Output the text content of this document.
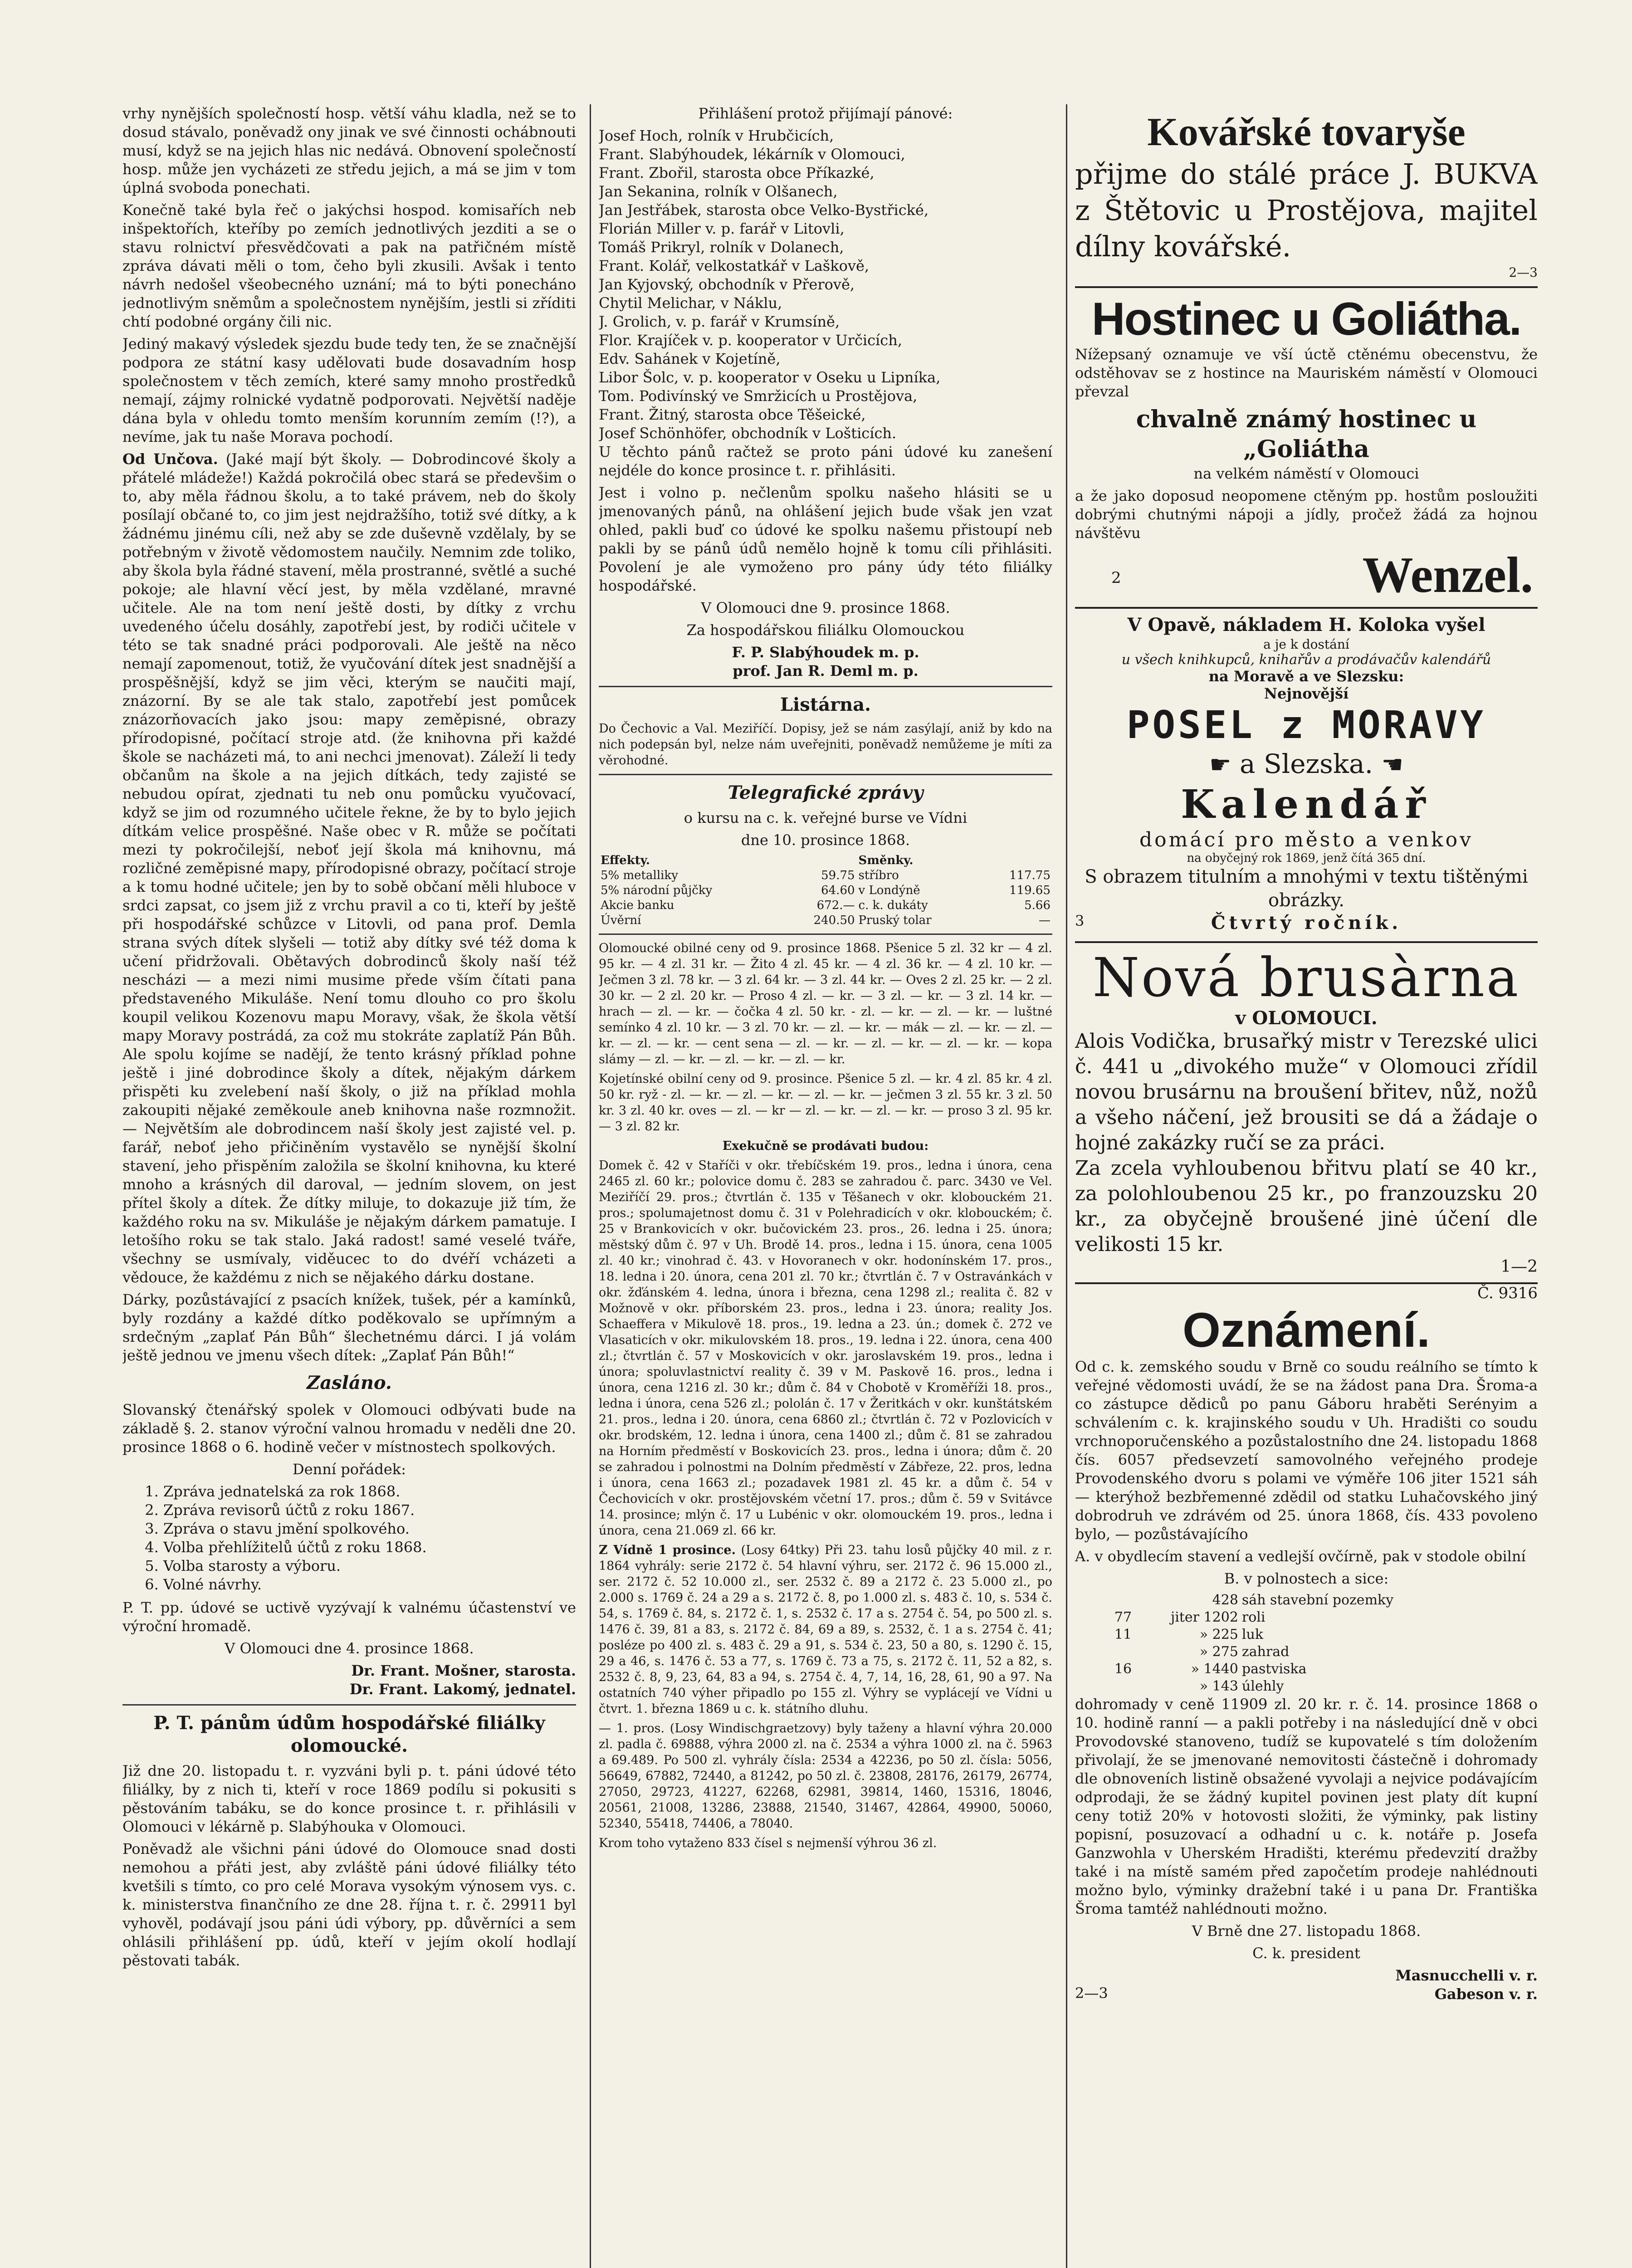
vrhy nynějších společností hosp. větší váhu kladla, než se to dosud stávalo, poněvadž ony jinak ve své činnosti ochábnouti musí, když se na jejich hlas nic nedává. Obnovení společností hosp. může jen vycházeti ze středu jejich, a má se jim v tom úplná svoboda ponechati.

Konečně také byla řeč o jakýchsi hospod. komisařích neb inšpektořích, kteříby po zemích jednotlivých jezditi a se o stavu rolnictví přesvědčovati a pak na patřičném místě zpráva dávati měli o tom, čeho byli zkusili. Avšak i tento návrh nedošel všeobecného uznání; má to býti ponecháno jednotlivým sněmům a společnostem nynějším, jestli si zříditi chtí podobné orgány čili nic.

Jediný makavý výsledek sjezdu bude tedy ten, že se značnější podpora ze státní kasy udělovati bude dosavadním hosp společnostem v těch zemích, které samy mnoho prostředků nemají, zájmy rolnické vydatně podporovati. Největší naděje dána byla v ohledu tomto menším korunním zemím (!?), a nevíme, jak tu naše Morava pochodí.

Od Unčova. (Jaké mají být školy. — Dobrodincové školy a přátelé mládeže!) Každá pokročilá obec stará se předevšim o to, aby měla řádnou školu, a to také právem, neb do školy posílají občané to, co jim jest nejdražšího, totiž své dítky, a k žádnému jinému cíli, než aby se zde duševně vzdělaly, by se potřebným v životě vědomostem naučily. Nemnim zde toliko, aby škola byla řádné stavení, měla prostranné, světlé a suché pokoje; ale hlavní věcí jest, by měla vzdělané, mravné učitele. Ale na tom není ještě dosti, by dítky z vrchu uvedeného účelu dosáhly, zapotřebí jest, by rodiči učitele v této se tak snadné práci podporovali. Ale ještě na něco nemají zapomenout, totiž, že vyučování dítek jest snadnější a prospěšnější, když se jim věci, kterým se naučiti mají, znázorní. By se ale tak stalo, zapotřebí jest pomůcek znázorňovacích jako jsou: mapy zeměpisné, obrazy přírodopisné, počítací stroje atd. (že knihovna při každé škole se nacházeti má, to ani nechci jmenovat). Záleží li tedy občanům na škole a na jejich dítkách, tedy zajisté se nebudou opírat, zjednati tu neb onu pomůcku vyučovací, když se jim od rozumného učitele řekne, že by to bylo jejich dítkám velice prospěšné. Naše obec v R. může se počítati mezi ty pokročilejší, neboť její škola má knihovnu, má rozličné zeměpisné mapy, přírodopisné obrazy, počítací stroje a k tomu hodné učitele; jen by to sobě občaní měli hluboce v srdci zapsat, co jsem již z vrchu pravil a co ti, kteří by ještě při hospodářské schůzce v Litovli, od pana prof. Demla strana svých dítek slyšeli — totiž aby dítky své též doma k učení přidržovali. Obětavých dobrodinců školy naší též nescházi — a mezi nimi musime přede vším čítati pana představeného Mikuláše. Není tomu dlouho co pro školu koupil velikou Kozenovu mapu Moravy, však, že škola větší mapy Moravy postrádá, za což mu stokráte zaplatíž Pán Bůh. Ale spolu kojíme se nadějí, že tento krásný příklad pohne ještě i jiné dobrodince školy a dítek, nějakým dárkem přispěti ku zvelebení naší školy, o již na příklad mohla zakoupiti nějaké zeměkoule aneb knihovna naše rozmnožit. — Největším ale dobrodincem naší školy jest zajisté vel. p. farář, neboť jeho přičiněním vystavělo se nynější školní stavení, jeho přispěním založila se školní knihovna, ku které mnoho a krásných dil daroval, — jedním slovem, on jest přítel školy a dítek. Že dítky miluje, to dokazuje již tím, že každého roku na sv. Mikuláše je nějakým dárkem pamatuje. I letošího roku se tak stalo. Jaká radost! samé veselé tváře, všechny se usmívaly, viděucec to do dvéří vcházeti a vědouce, že každému z nich se nějakého dárku dostane.

Dárky, pozůstávající z psacích knížek, tušek, pér a kamínků, byly rozdány a každé dítko poděkovalo se upřímným a srdečným „zaplať Pán Bůh“ šlechetnému dárci. I já volám ještě jednou ve jmenu všech dítek: „Zaplať Pán Bůh!“

Zasláno.

Slovanský čtenářský spolek v Olomouci odbývati bude na základě §. 2. stanov výroční valnou hromadu v neděli dne 20. prosince 1868 o 6. hodině večer v místnostech spolkových.

Denní pořádek:

1. Zpráva jednatelská za rok 1868.
2. Zpráva revisorů účtů z roku 1867.
3. Zpráva o stavu jmění spolkového.
4. Volba přehlížitelů účtů z roku 1868.
5. Volba starosty a výboru.
6. Volné návrhy.

P. T. pp. údové se uctivě vyzývají k valnému účastenství ve výroční hromadě.

V Olomouci dne 4. prosince 1868.

Dr. Frant. Mošner, starosta.
Dr. Frant. Lakomý, jednatel.
P. T. pánům údům hospodářské filiálky olomoucké.

Již dne 20. listopadu t. r. vyzváni byli p. t. páni údové této filiálky, by z nich ti, kteří v roce 1869 podílu si pokusiti s pěstováním tabáku, se do konce prosince t. r. přihlásili v Olomouci v lékárně p. Slabýhouka v Olomouci.

Poněvadž ale všichni páni údové do Olomouce snad dosti nemohou a přáti jest, aby zvláště páni údové filiálky této kvetšili s tímto, co pro celé Morava vysokým výnosem vys. c. k. ministerstva finančního ze dne 28. října t. r. č. 29911 byl vyhověl, podávají jsou páni údi výbory, pp. důvěrníci a sem ohlásili přihlášení pp. údů, kteří v jejím okolí hodlají pěstovati tabák.

Přihlášení protož přijímají pánové:

Josef Hoch, rolník v Hrubčicích,
Frant. Slabýhoudek, lékárník v Olomouci,
Frant. Zbořil, starosta obce Příkazké,
Jan Sekanina, rolník v Olšanech,
Jan Jestřábek, starosta obce Velko-Bystřické,
Florián Miller v. p. farář v Litovli,
Tomáš Prikryl, rolník v Dolanech,
Frant. Kolář, velkostatkář v Laškově,
Jan Kyjovský, obchodník v Přerově,
Chytil Melichar, v Náklu,
J. Grolich, v. p. farář v Krumsíně,
Flor. Krajíček v. p. kooperator v Určicích,
Edv. Sahánek v Kojetíně,
Libor Šolc, v. p. kooperator v Oseku u Lipníka,
Tom. Podivínský ve Smržicích u Prostějova,
Frant. Žitný, starosta obce Těšeické,
Josef Schönhöfer, obchodník v Lošticích.

U těchto pánů račtež se proto páni údové ku zanešení nejdéle do konce prosince t. r. přihlásiti.

Jest i volno p. nečlenům spolku našeho hlásiti se u jmenovaných pánů, na ohlášení jejich bude však jen vzat ohled, pakli buď co údové ke spolku našemu přistoupí neb pakli by se pánů údů nemělo hojně k tomu cíli přihlásiti. Povolení je ale vymoženo pro pány údy této filiálky hospodářské.

V Olomouci dne 9. prosince 1868.

Za hospodářskou filiálku Olomouckou

F. P. Slabýhoudek m. p.
prof. Jan R. Deml m. p.
Listárna.

Do Čechovic a Val. Meziříčí. Dopisy, jež se nám zasýlají, aniž by kdo na nich podepsán byl, nelze nám uveřejniti, poněvadž nemůžeme je míti za věrohodné.

Telegrafické zprávy

o kursu na c. k. veřejné burse ve Vídni

dne 10. prosince 1868.

Effekty.		Směnky.	
5% metalliky	59.75	stříbro	117.75
5% národní půjčky	64.60	v Londýně	119.65
Akcie banku	672.—	c. k. dukáty	5.66
Úvěrní	240.50	Pruský tolar	—

Olomoucké obilné ceny od 9. prosince 1868. Pšenice 5 zl. 32 kr — 4 zl. 95 kr. — 4 zl. 31 kr. — Žito 4 zl. 45 kr. — 4 zl. 36 kr. — 4 zl. 10 kr. — Ječmen 3 zl. 78 kr. — 3 zl. 64 kr. — 3 zl. 44 kr. — Oves 2 zl. 25 kr. — 2 zl. 30 kr. — 2 zl. 20 kr. — Proso 4 zl. — kr. — 3 zl. — kr. — 3 zl. 14 kr. — hrach — zl. — kr. — čočka 4 zl. 50 kr. - zl. — kr. — zl. — kr. — luštné semínko 4 zl. 10 kr. — 3 zl. 70 kr. — zl. — kr. — mák — zl. — kr. — zl. — kr. — zl. — kr. — cent sena — zl. — kr. — zl. — kr. — zl. — kr. — kopa slámy — zl. — kr. — zl. — kr. — zl. — kr.

Kojetínské obilní ceny od 9. prosince. Pšenice 5 zl. — kr. 4 zl. 85 kr. 4 zl. 50 kr. ryž - zl. — kr. — zl. — kr. — zl. — kr. — ječmen 3 zl. 55 kr. 3 zl. 50 kr. 3 zl. 40 kr. oves — zl. — kr — zl. — kr. — zl. — kr. — proso 3 zl. 95 kr. — 3 zl. 82 kr.

Exekučně se prodávati budou:

Domek č. 42 v Staříči v okr. třebíčském 19. pros., ledna i února, cena 2465 zl. 60 kr.; polovice domu č. 283 se zahradou č. parc. 3430 ve Vel. Meziříčí 29. pros.; čtvrtlán č. 135 v Těšanech v okr. klobouckém 21. pros.; spolumajetnost domu č. 31 v Polehradicích v okr. klobouckém; č. 25 v Brankovicích v okr. bučovickém 23. pros., 26. ledna i 25. února; městský dům č. 97 v Uh. Brodě 14. pros., ledna i 15. února, cena 1005 zl. 40 kr.; vinohrad č. 43. v Hovoranech v okr. hodonínském 17. pros., 18. ledna i 20. února, cena 201 zl. 70 kr.; čtvrtlán č. 7 v Ostravánkách v okr. žďánském 4. ledna, února i března, cena 1298 zl.; realita č. 82 v Možnově v okr. příborském 23. pros., ledna i 23. února; reality Jos. Schaeffera v Mikulově 18. pros., 19. ledna a 23. ún.; domek č. 272 ve Vlasaticích v okr. mikulovském 18. pros., 19. ledna i 22. února, cena 400 zl.; čtvrtlán č. 57 v Moskovicích v okr. jaroslavském 19. pros., ledna i února; spoluvlastnictví reality č. 39 v M. Paskově 16. pros., ledna i února, cena 1216 zl. 30 kr.; dům č. 84 v Chobotě v Kroměříži 18. pros., ledna i února, cena 526 zl.; pololán č. 17 v Žeritkách v okr. kunštátském 21. pros., ledna i 20. února, cena 6860 zl.; čtvrtlán č. 72 v Pozlovicích v okr. brodském, 12. ledna i února, cena 1400 zl.; dům č. 81 se zahradou na Horním předměstí v Boskovicích 23. pros., ledna i února; dům č. 20 se zahradou i polnostmi na Dolním předměstí v Zábřeze, 22. pros, ledna i února, cena 1663 zl.; pozadavek 1981 zl. 45 kr. a dům č. 54 v Čechovicích v okr. prostějovském včetní 17. pros.; dům č. 59 v Svitávce 14. prosince; mlýn č. 17 u Lubénic v okr. olomouckém 19. pros., ledna i února, cena 21.069 zl. 66 kr.

Z Vídně 1 prosince. (Losy 64tky) Při 23. tahu losů půjčky 40 mil. z r. 1864 vyhrály: serie 2172 č. 54 hlavní výhru, ser. 2172 č. 96 15.000 zl., ser. 2172 č. 52 10.000 zl., ser. 2532 č. 89 a 2172 č. 23 5.000 zl., po 2.000 s. 1769 č. 24 a 29 a s. 2172 č. 8, po 1.000 zl. s. 483 č. 10, s. 534 č. 54, s. 1769 č. 84, s. 2172 č. 1, s. 2532 č. 17 a s. 2754 č. 54, po 500 zl. s. 1476 č. 39, 81 a 83, s. 2172 č. 84, 69 a 89, s. 2532, č. 1 a s. 2754 č. 41; posléze po 400 zl. s. 483 č. 29 a 91, s. 534 č. 23, 50 a 80, s. 1290 č. 15, 29 a 46, s. 1476 č. 53 a 77, s. 1769 č. 73 a 75, s. 2172 č. 11, 52 a 82, s. 2532 č. 8, 9, 23, 64, 83 a 94, s. 2754 č. 4, 7, 14, 16, 28, 61, 90 a 97. Na ostatních 740 výher připadlo po 155 zl. Výhry se vyplácejí ve Vídni u čtvrt. 1. března 1869 u c. k. státního dluhu.

— 1. pros. (Losy Windischgraetzovy) byly taženy a hlavní výhra 20.000 zl. padla č. 69888, výhra 2000 zl. na č. 2534 a výhra 1000 zl. na č. 5963 a 69.489. Po 500 zl. vyhrály čísla: 2534 a 42236, po 50 zl. čísla: 5056, 56649, 67882, 72440, a 81242, po 50 zl. č. 23808, 28176, 26179, 26774, 27050, 29723, 41227, 62268, 62981, 39814, 1460, 15316, 18046, 20561, 21008, 13286, 23888, 21540, 31467, 42864, 49900, 50060, 52340, 55418, 74406, a 78040.

Krom toho vytaženo 833 čísel s nejmenší výhrou 36 zl.

Kovářské tovaryše
přijme do stálé práce J. BUKVA z Štětovic u Prostějova, majitel dílny kovářské.
2—3
Hostinec u Goliátha.

Nížepsaný oznamuje ve vší úctě ctěnému obecenstvu, že odstěhovav se z hostince na Mauriském náměstí v Olomouci převzal

chvalně známý hostinec u „Goliátha

na velkém náměstí v Olomouci

a že jako doposud neopomene ctěným pp. hostům posloužiti dobrými chutnými nápoji a jídly, pročež žádá za hojnou návštěvu

2	Wenzel.
V Opavě, nákladem H. Koloka vyšel
a je k dostání
u všech knihkupců, knihařův a prodávačův kalendářů
na Moravě a ve Slezsku:
Nejnovější
POSEL z MORAVY
☛ a Slezska. ☚
Kalendář
domácí pro město a venkov
na obyčejný rok 1869, jenž čítá 365 dní.
S obrazem titulním a mnohými v textu tištěnými obrázky.
3	Čtvrtý ročník.
Nová brusàrna
v OLOMOUCI.
Alois Vodička, brusařký mistr v Terezské ulici č. 441 u „divokého muže“ v Olomouci zřídil novou brusárnu na broušení břitev, nůž, nožů a všeho náčení, jež brousiti se dá a žádaje o hojné zakázky ručí se za práci.
Za zcela vyhloubenou břitvu platí se 40 kr., za polohloubenou 25 kr., po franzouzsku 20 kr., za obyčejně broušené jinė účení dle velikosti 15 kr.
1—2
Č. 9316
Oznámení.

Od c. k. zemského soudu v Brně co soudu reálního se tímto k veřejné vědomosti uvádí, že se na žádost pana Dra. Šroma-a co zástupce dědiců po panu Gáboru hraběti Serényim a schválením c. k. krajinského soudu v Uh. Hradišti co soudu vrchnoporučenského a pozůstalostního dne 24. listopadu 1868 čís. 6057 předsevzetí samovolného veřejného prodeje Provodenského dvoru s polami ve výměře 106 jiter 1521 sáh — kterýhož bezbřemenné zdědil od statku Luhačovského jiný dobrodruh ve zdrávém od 25. února 1868, čís. 433 povoleno bylo, — pozůstávajícího

A. v obydlecím stavení a vedlejší ovčírně, pak v stodole obilní

B. v polnostech a sice:

	428	sáh stavební pozemky
77	jiter 1202	roli
11	» 225	luk
	» 275	zahrad
16	» 1440	pastviska
	» 143	úlehly

dohromady v ceně 11909 zl. 20 kr. r. č. 14. prosince 1868 o 10. hodině ranní — a pakli potřeby i na následující dně v obci Provodovské stanoveno, tudíž se kupovatelé s tím doložením přivolají, že se jmenované nemovitosti částečně i dohromady dle obnoveních listině obsažené vyvolaji a nejvice podávajícím odprodaji, že se žádný kupitel povinen jest platy dít kupní ceny totiž 20% v hotovosti složiti, že výminky, pak listiny popisní, posuzovací a odhadní u c. k. notáře p. Josefa Ganzwohla v Uherském Hradišti, kterému předevzití dražby také i na místě samém před započetím prodeje nahlédnouti možno bylo, výminky dražební také i u pana Dr. Františka Šroma tamtéž nahlédnouti možno.

V Brně dne 27. listopadu 1868.

C. k. president

2—3
Masnucchelli v. r.
Gabeson v. r.
